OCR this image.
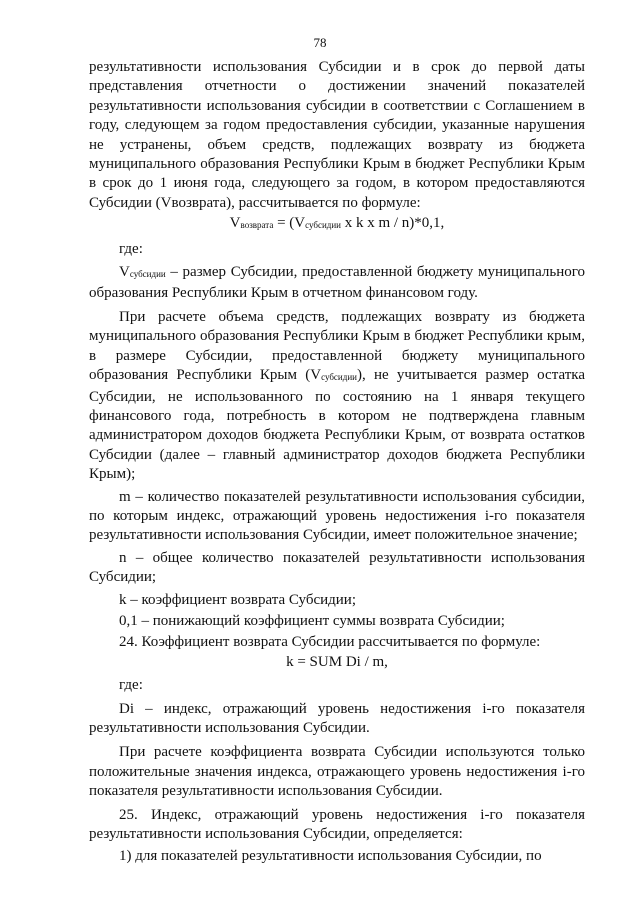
78

результативности использования Субсидии и в срок до первой даты представления отчетности о достижении значений показателей результативности использования субсидии в соответствии с Соглашением в году, следующем за годом предоставления субсидии, указанные нарушения не устранены, объем средств, подлежащих возврату из бюджета муниципального образования Республики Крым в бюджет Республики Крым в срок до 1 июня года, следующего за годом, в котором предоставляются Субсидии (Vвозврата), рассчитывается по формуле:

Vвозврата = (Vсубсидии x k x m / n)*0,1,

где:

Vсубсидии – размер Субсидии, предоставленной бюджету муниципального образования Республики Крым в отчетном финансовом году.

При расчете объема средств, подлежащих возврату из бюджета муниципального образования Республики Крым в бюджет Республики крым, в размере Субсидии, предоставленной бюджету муниципального образования Республики Крым (Vсубсидии), не учитывается размер остатка Субсидии, не использованного по состоянию на 1 января текущего финансового года, потребность в котором не подтверждена главным администратором доходов бюджета Республики Крым, от возврата остатков Субсидии (далее – главный администратор доходов бюджета Республики Крым);

m – количество показателей результативности использования субсидии, по которым индекс, отражающий уровень недостижения i-го показателя результативности использования Субсидии, имеет положительное значение;

n – общее количество показателей результативности использования Субсидии;

k – коэффициент возврата Субсидии;

0,1 – понижающий коэффициент суммы возврата Субсидии;

24. Коэффициент возврата Субсидии рассчитывается по формуле:

k = SUM Di / m,

где:

Di – индекс, отражающий уровень недостижения i-го показателя результативности использования Субсидии.

При расчете коэффициента возврата Субсидии используются только положительные значения индекса, отражающего уровень недостижения i-го показателя результативности использования Субсидии.

25. Индекс, отражающий уровень недостижения i-го показателя результативности использования Субсидии, определяется:

1) для показателей результативности использования Субсидии, по
